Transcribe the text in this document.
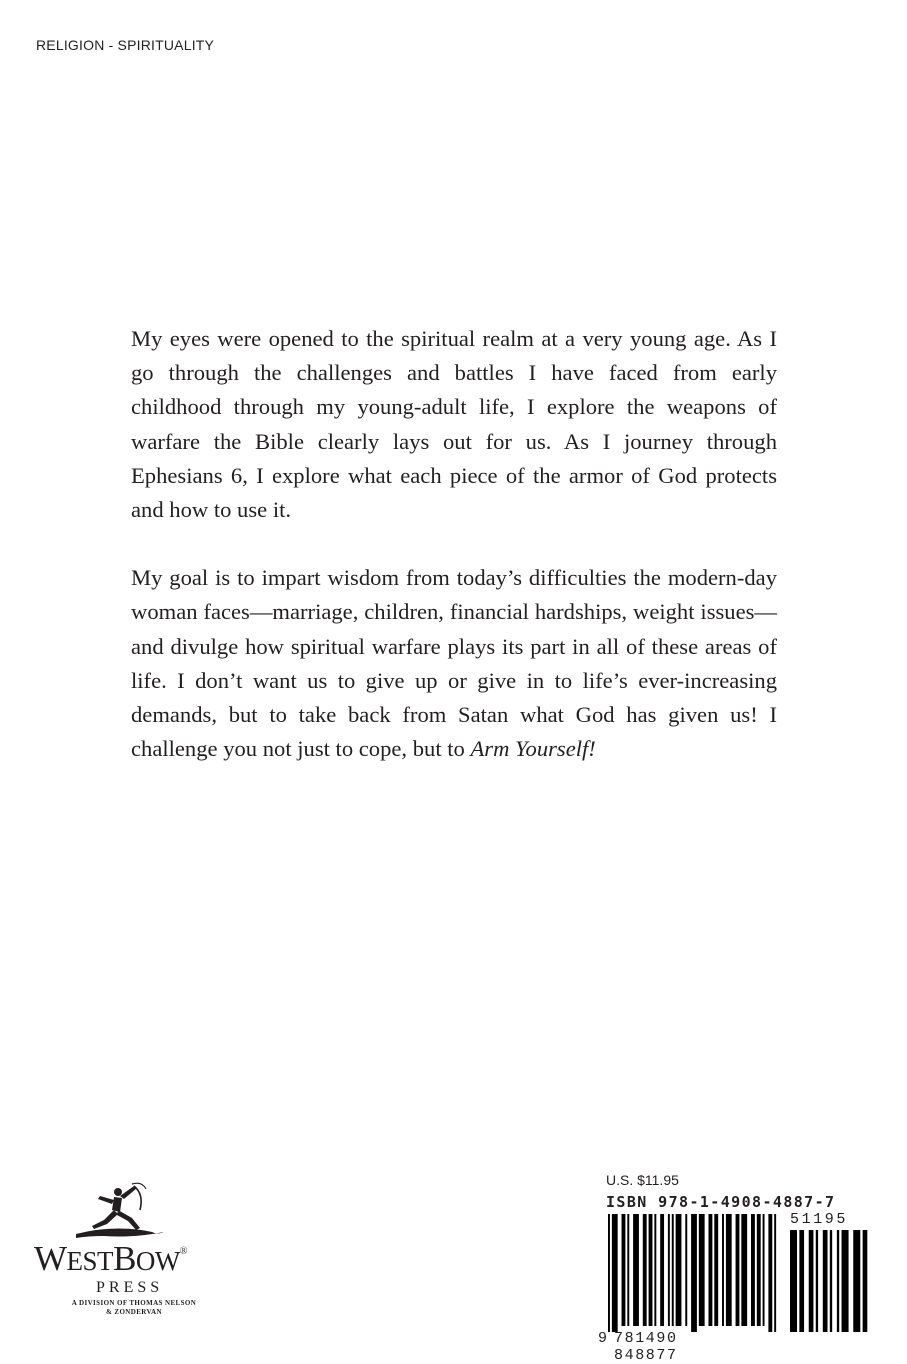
RELIGION - SPIRITUALITY

My eyes were opened to the spiritual realm at a very young age. As I go through the challenges and battles I have faced from early childhood through my young-adult life, I explore the weapons of warfare the Bible clearly lays out for us. As I journey through Ephesians 6, I explore what each piece of the armor of God protects and how to use it.

My goal is to impart wisdom from today’s difficulties the modern-day woman faces—marriage, children, financial hardships, weight issues—and divulge how spiritual warfare plays its part in all of these areas of life. I don’t want us to give up or give in to life’s ever-increasing demands, but to take back from Satan what God has given us! I challenge you not just to cope, but to Arm Yourself!

WESTBOW®
PRESS
A DIVISION OF THOMAS NELSON
& ZONDERVAN
U.S. $11.95
ISBN 978-1-4908-4887-7
9 781490 848877
51195
